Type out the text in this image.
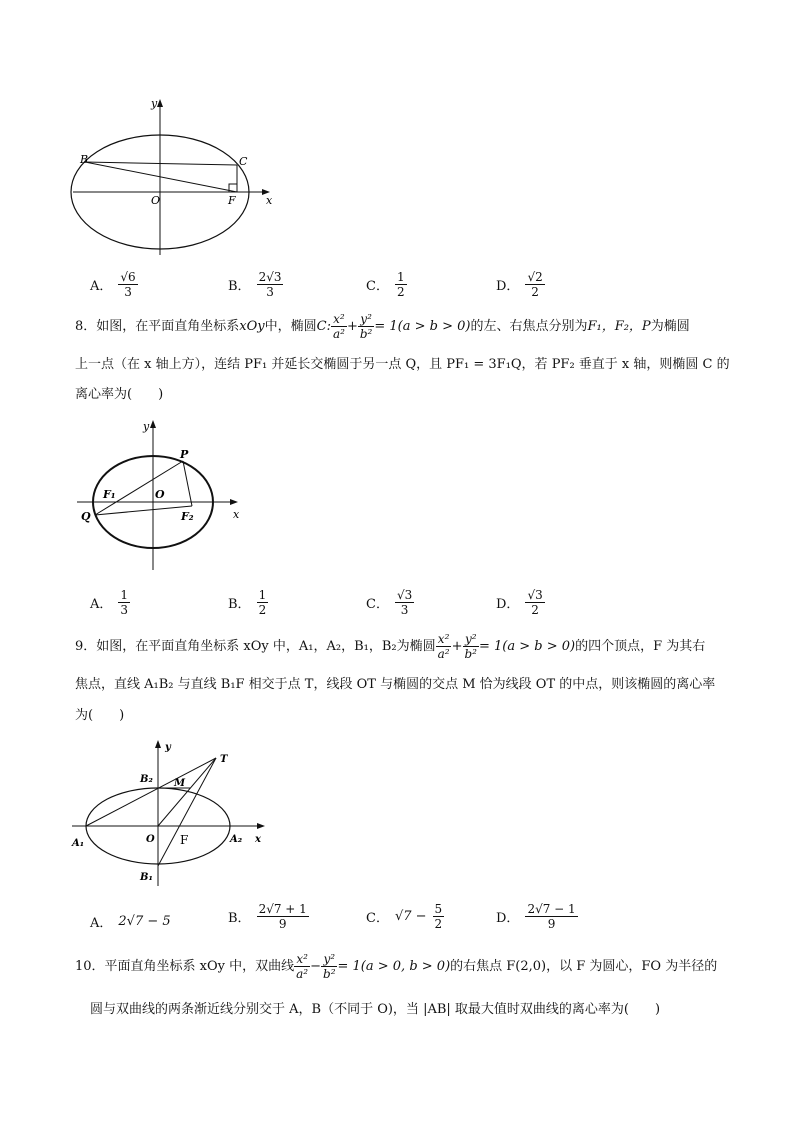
y
x
B	C
O	F
A． $\frac{√6}{3}$	B． $\frac{2√3}{3}$	C． $\frac{1}{2}$	D． $\frac{√2}{2}$
8．如图，在平面直角坐标系 xOy 中，椭圆 C: $\frac{\text{x²}}{\text{a²}} + \frac{\text{y²}}{\text{b²}} = 1(a > b > 0)$ 的左、右焦点分别为 F₁，F₂，P 为椭圆
上一点（在 x 轴上方），连结 PF₁ 并延长交椭圆于另一点 Q，且 PF₁ = 3F₁Q，若 PF₂ 垂直于 x 轴，则椭圆 C 的
离心率为(　　)
y
x
P
F₁	O
Q	F₂
A． $\frac{1}{3}$	B． $\frac{1}{2}$	C． $\frac{√3}{3}$	D． $\frac{√3}{2}$
9．如图，在平面直角坐标系 xOy 中，A₁，A₂，B₁，B₂为椭圆 $\frac{\text{x²}}{\text{a²}} + \frac{\text{y²}}{\text{b²}} = 1(a > b > 0)$ 的四个顶点，F 为其右
焦点，直线 A₁B₂ 与直线 B₁F 相交于点 T，线段 OT 与椭圆的交点 M 恰为线段 OT 的中点，则该椭圆的离心率
为(　　)
y
x
T
B₂ M
A₁	O F	A₂
B₁
A． 2√7 − 5	B． $\frac{2√7 + 1}{9}$	C． $√7 - \frac{5}{2}$	D． $\frac{2√7 - 1}{9}$
10．平面直角坐标系 xOy 中，双曲线 $\frac{\text{x²}}{\text{a²}} - \frac{\text{y²}}{\text{b²}} = 1(a > 0$, b > 0) 的右焦点 F(2,0)，以 F 为圆心，FO 为半径的
圆与双曲线的两条渐近线分别交于 A，B（不同于 O)，当 |AB| 取最大值时双曲线的离心率为(　　)
